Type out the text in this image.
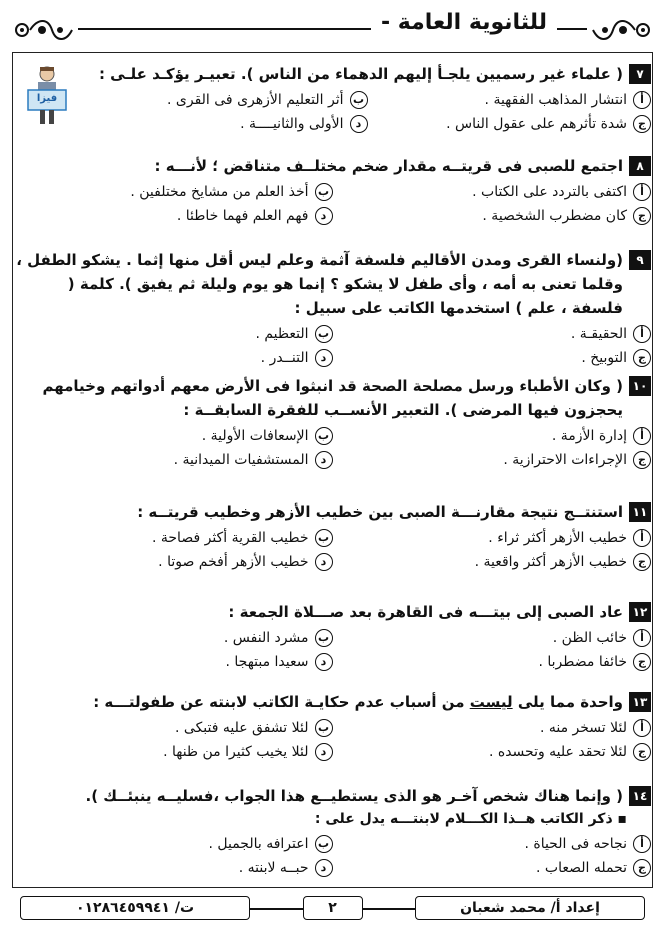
للثانوية العامة -
فيزا
٧
( علماء غير رسميين يلجـأ إليهم الدهماء من الناس ). تعبيـر يؤكـد علـى :
أ
انتشار المذاهب الفقهية .
ب
أثر التعليم الأزهرى فى القرى .
ج
شدة تأثرهم على عقول الناس .
د
الأولى والثانيــــة .
٨
اجتمع للصبى فى قريتــه مقدار ضخم مختلــف متناقض ؛ لأنـــه :
أ
اكتفى بالتردد على الكتاب .
ب
أخذ العلم من مشايخ مختلفين .
ج
كان مضطرب الشخصية .
د
فهم العلم فهما خاطئا .
٩
(ولنساء القرى ومدن الأقاليم فلسفة آثمة وعلم ليس أقل منها إثما . يشكو الطفل ، وقلما تعنى به أمه ، وأى طفل لا يشكو ؟ إنما هو يوم وليلة ثم يفيق ). كلمة ( فلسفة ، علم ) استخدمها الكاتب على سبيل :
أ
الحقيقـة .
ب
التعظيم .
ج
التوبيخ .
د
التنــدر .
١٠
( وكان الأطباء ورسل مصلحة الصحة قد انبثوا فى الأرض معهم أدواتهم وخيامهم يحجزون فيها المرضى ). التعبير الأنســب للفقرة السابقــة :
أ
إدارة الأزمة .
ب
الإسعافات الأولية .
ج
الإجراءات الاحترازية .
د
المستشفيات الميدانية .
١١
استنتــج نتيجة مقارنـــة الصبى بين خطيب الأزهر وخطيب قريتــه :
أ
خطيب الأزهر أكثر ثراء .
ب
خطيب القرية أكثر فصاحة .
ج
خطيب الأزهر أكثر واقعية .
د
خطيب الأزهر أفخم صوتا .
١٢
عاد الصبى إلى بيتـــه فى القاهرة بعد صـــلاة الجمعة :
أ
خائب الظن .
ب
مشرد النفس .
ج
خائفا مضطربا .
د
سعيدا مبتهجا .
١٣
واحدة مما يلى ليست من أسباب عدم حكايـة الكاتب لابنته عن طفولتـــه :
أ
لئلا تسخر منه .
ب
لئلا تشفق عليه فتبكى .
ج
لئلا تحقد عليه وتحسده .
د
لئلا يخيب كثيرا من ظنها .
١٤
( وإنما هناك شخص آخـر هو الذى يستطيــع هذا الجواب ،فسليــه ينبئــك ).
▪ ذكر الكاتب هــذا الكـــلام لابنتـــه يدل على :
أ
نجاحه فى الحياة .
ب
اعترافه بالجميل .
ج
تحمله الصعاب .
د
حبــه لابنته .
إعداد أ/ محمد شعبان
٢
ت/ ٠١٢٨٦٤٥٩٩٤١
